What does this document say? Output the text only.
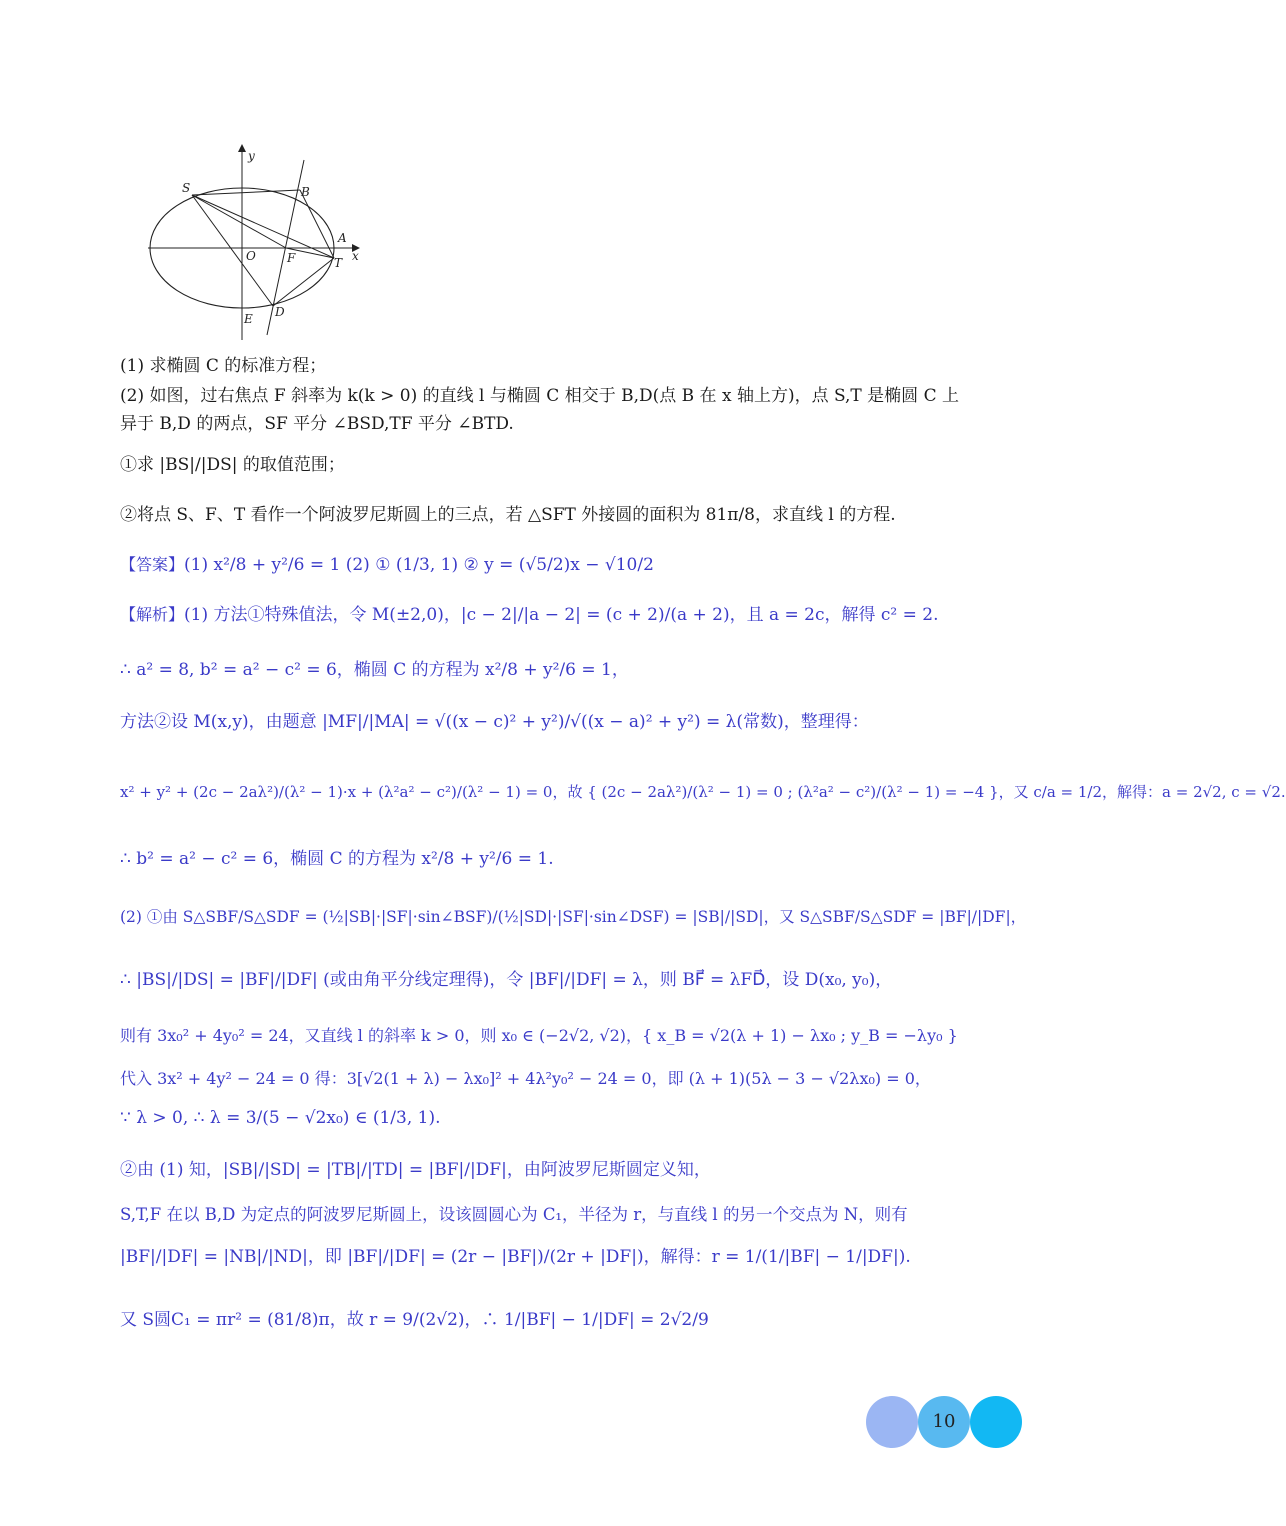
y
x
S	B
A
O	F	T
E D
(1) 求椭圆 C 的标准方程；
(2) 如图，过右焦点 F 斜率为 k(k > 0) 的直线 l 与椭圆 C 相交于 B,D(点 B 在 x 轴上方)，点 S,T 是椭圆 C 上
异于 B,D 的两点，SF 平分 ∠BSD,TF 平分 ∠BTD.
①求 |BS|/|DS| 的取值范围；
②将点 S、F、T 看作一个阿波罗尼斯圆上的三点，若 △SFT 外接圆的面积为 81π/8，求直线 l 的方程.
【答案】(1) x²/8 + y²/6 = 1 (2) ① (1/3, 1) ② y = (√5/2)x − √10/2
【解析】(1) 方法①特殊值法，令 M(±2,0)，|c − 2|/|a − 2| = (c + 2)/(a + 2)，且 a = 2c，解得 c² = 2.
∴ a² = 8, b² = a² − c² = 6，椭圆 C 的方程为 x²/8 + y²/6 = 1，
方法②设 M(x,y)，由题意 |MF|/|MA| = √((x − c)² + y²)/√((x − a)² + y²) = λ(常数)，整理得：
x² + y² + (2c − 2aλ²)/(λ² − 1)·x + (λ²a² − c²)/(λ² − 1) = 0，故 { (2c − 2aλ²)/(λ² − 1) = 0 ; (λ²a² − c²)/(λ² − 1) = −4 }，又 c/a = 1/2，解得：a = 2√2, c = √2.
∴ b² = a² − c² = 6，椭圆 C 的方程为 x²/8 + y²/6 = 1.
(2) ①由 S△SBF/S△SDF = (½|SB|·|SF|·sin∠BSF)/(½|SD|·|SF|·sin∠DSF) = |SB|/|SD|，又 S△SBF/S△SDF = |BF|/|DF|，
∴ |BS|/|DS| = |BF|/|DF| (或由角平分线定理得)，令 |BF|/|DF| = λ，则 BF⃗ = λFD⃗，设 D(x₀, y₀)，
则有 3x₀² + 4y₀² = 24，又直线 l 的斜率 k > 0，则 x₀ ∈ (−2√2, √2)，{ x_B = √2(λ + 1) − λx₀ ; y_B = −λy₀ }
代入 3x² + 4y² − 24 = 0 得：3[√2(1 + λ) − λx₀]² + 4λ²y₀² − 24 = 0，即 (λ + 1)(5λ − 3 − √2λx₀) = 0，
∵ λ > 0, ∴ λ = 3/(5 − √2x₀) ∈ (1/3, 1).
②由 (1) 知，|SB|/|SD| = |TB|/|TD| = |BF|/|DF|，由阿波罗尼斯圆定义知，
S,T,F 在以 B,D 为定点的阿波罗尼斯圆上，设该圆圆心为 C₁，半径为 r，与直线 l 的另一个交点为 N，则有
|BF|/|DF| = |NB|/|ND|，即 |BF|/|DF| = (2r − |BF|)/(2r + |DF|)，解得：r = 1/(1/|BF| − 1/|DF|).
又 S圆C₁ = πr² = (81/8)π，故 r = 9/(2√2)，∴ 1/|BF| − 1/|DF| = 2√2/9
10
